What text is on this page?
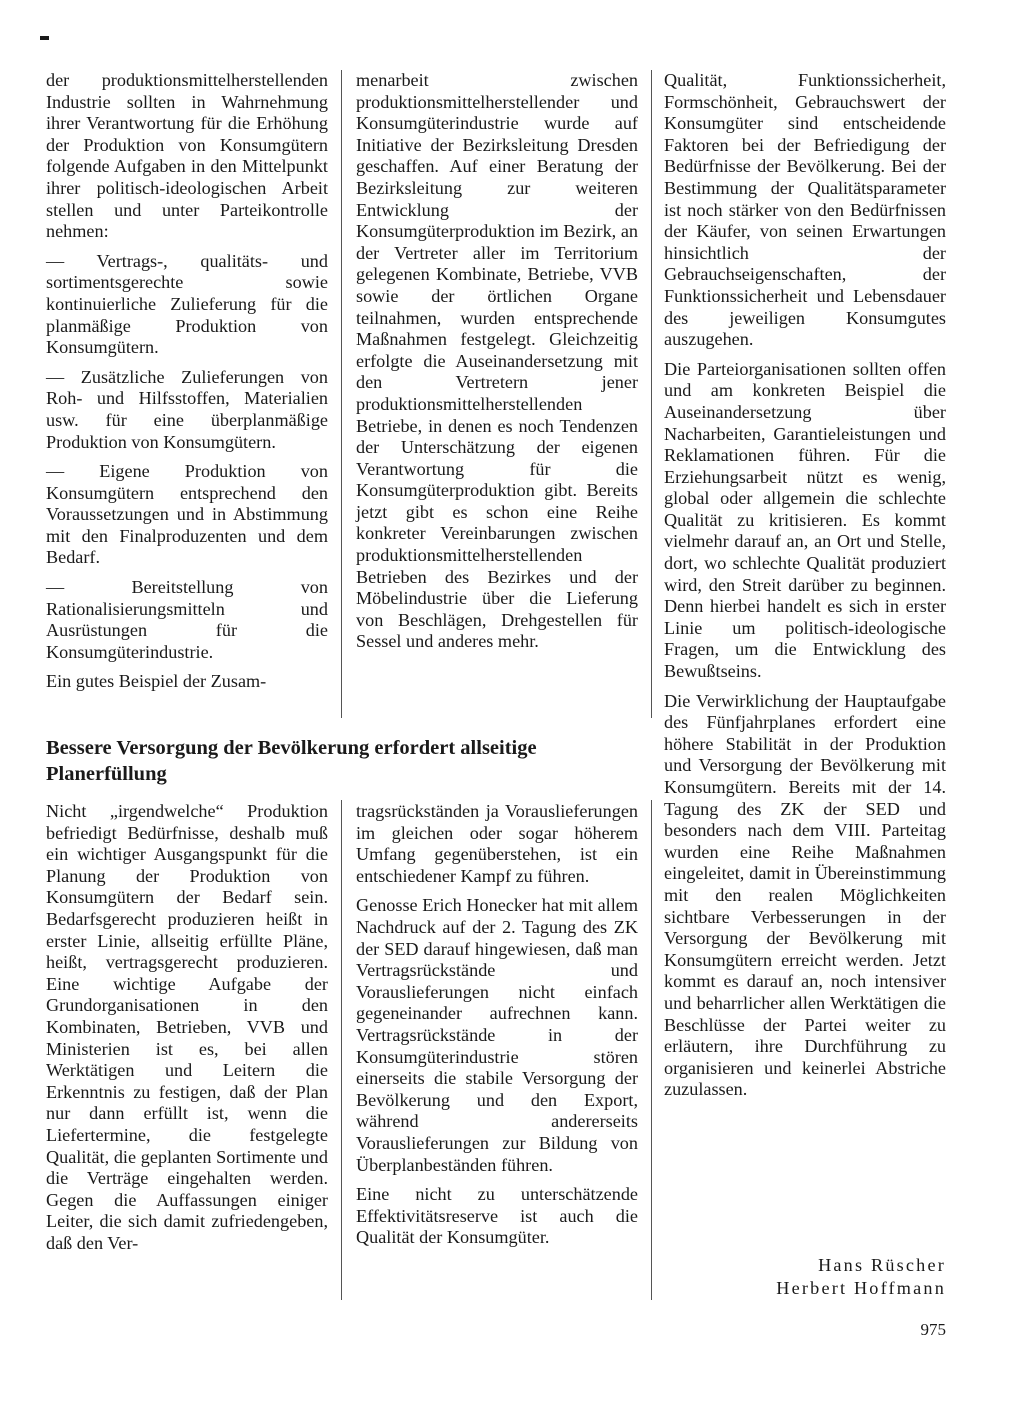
der produktionsmittelherstellenden Industrie sollten in Wahrnehmung ihrer Verantwortung für die Erhöhung der Produktion von Konsumgütern folgende Aufgaben in den Mittelpunkt ihrer politisch-ideologischen Arbeit stellen und unter Parteikontrolle nehmen:

— Vertrags-, qualitäts- und sortimentsgerechte sowie kontinuierliche Zulieferung für die planmäßige Produktion von Konsumgütern.

— Zusätzliche Zulieferungen von Roh- und Hilfsstoffen, Materialien usw. für eine überplanmäßige Produktion von Konsumgütern.

— Eigene Produktion von Konsumgütern entsprechend den Voraussetzungen und in Abstimmung mit den Finalproduzenten und dem Bedarf.

— Bereitstellung von Rationalisierungsmitteln und Ausrüstungen für die Konsumgüterindustrie.

Ein gutes Beispiel der Zusam-

menarbeit zwischen produktionsmittelherstellender und Konsumgüterindustrie wurde auf Initiative der Bezirksleitung Dresden geschaffen. Auf einer Beratung der Bezirksleitung zur weiteren Entwicklung der Konsumgüterproduktion im Bezirk, an der Vertreter aller im Territorium gelegenen Kombinate, Betriebe, VVB sowie der örtlichen Organe teilnahmen, wurden entsprechende Maßnahmen festgelegt. Gleichzeitig erfolgte die Auseinandersetzung mit den Vertretern jener produktionsmittelherstellenden Betriebe, in denen es noch Tendenzen der Unterschätzung der eigenen Verantwortung für die Konsumgüterproduktion gibt. Bereits jetzt gibt es schon eine Reihe konkreter Vereinbarungen zwischen produktionsmittelherstellenden Betrieben des Bezirkes und der Möbelindustrie über die Lieferung von Beschlägen, Drehgestellen für Sessel und anderes mehr.

Qualität, Funktionssicherheit, Formschönheit, Gebrauchswert der Konsumgüter sind entscheidende Faktoren bei der Befriedigung der Bedürfnisse der Bevölkerung. Bei der Bestimmung der Qualitätsparameter ist noch stärker von den Bedürfnissen der Käufer, von seinen Erwartungen hinsichtlich der Gebrauchseigenschaften, der Funktionssicherheit und Lebensdauer des jeweiligen Konsumgutes auszugehen.

Die Parteiorganisationen sollten offen und am konkreten Beispiel die Auseinandersetzung über Nacharbeiten, Garantieleistungen und Reklamationen führen. Für die Erziehungsarbeit nützt es wenig, global oder allgemein die schlechte Qualität zu kritisieren. Es kommt vielmehr darauf an, an Ort und Stelle, dort, wo schlechte Qualität produziert wird, den Streit darüber zu beginnen. Denn hierbei handelt es sich in erster Linie um politisch-ideologische Fragen, um die Entwicklung des Bewußtseins.

Die Verwirklichung der Hauptaufgabe des Fünfjahrplanes erfordert eine höhere Stabilität in der Produktion und Versorgung der Bevölkerung mit Konsumgütern. Bereits mit der 14. Tagung des ZK der SED und besonders nach dem VIII. Parteitag wurden eine Reihe Maßnahmen eingeleitet, damit in Übereinstimmung mit den realen Möglichkeiten sichtbare Verbesserungen in der Versorgung der Bevölkerung mit Konsumgütern erreicht werden. Jetzt kommt es darauf an, noch intensiver und beharrlicher allen Werktätigen die Beschlüsse der Partei weiter zu erläutern, ihre Durchführung zu organisieren und keinerlei Abstriche zuzulassen.

Bessere Versorgung der Bevölkerung erfordert allseitige Planerfüllung

Nicht „irgendwelche“ Produktion befriedigt Bedürfnisse, deshalb muß ein wichtiger Ausgangspunkt für die Planung der Produktion von Konsumgütern der Bedarf sein. Bedarfsgerecht produzieren heißt in erster Linie, allseitig erfüllte Pläne, heißt, vertragsgerecht produzieren. Eine wichtige Aufgabe der Grundorganisationen in den Kombinaten, Betrieben, VVB und Ministerien ist es, bei allen Werktätigen und Leitern die Erkenntnis zu festigen, daß der Plan nur dann erfüllt ist, wenn die Liefertermine, die festgelegte Qualität, die geplanten Sortimente und die Verträge eingehalten werden. Gegen die Auffassungen einiger Leiter, die sich damit zufriedengeben, daß den Ver-

tragsrückständen ja Vorauslieferungen im gleichen oder sogar höherem Umfang gegenüberstehen, ist ein entschiedener Kampf zu führen.

Genosse Erich Honecker hat mit allem Nachdruck auf der 2. Tagung des ZK der SED darauf hingewiesen, daß man Vertragsrückstände und Vorauslieferungen nicht einfach gegeneinander aufrechnen kann. Vertragsrückstände in der Konsumgüterindustrie stören einerseits die stabile Versorgung der Bevölkerung und den Export, während andererseits Vorauslieferungen zur Bildung von Überplanbeständen führen.

Eine nicht zu unterschätzende Effektivitätsreserve ist auch die Qualität der Konsumgüter.

Hans Rüscher
Herbert Hoffmann
975
